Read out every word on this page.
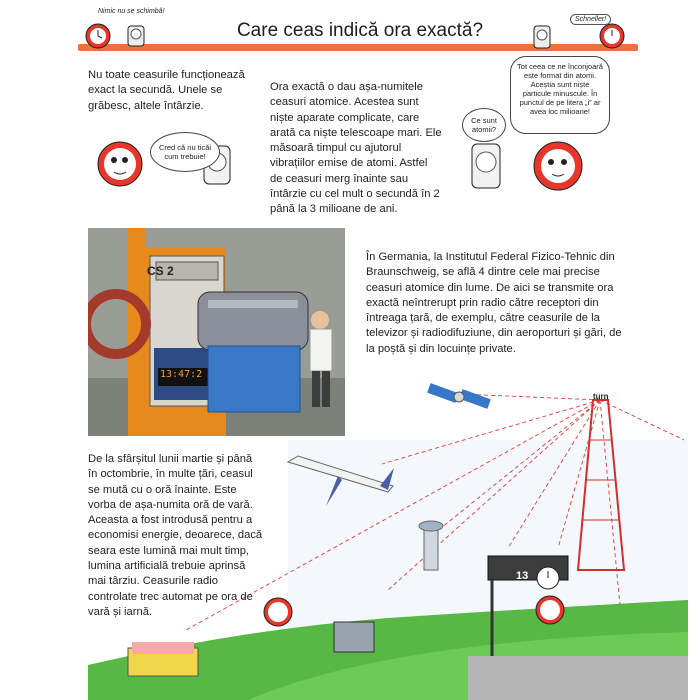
Care ceas indică ora exactă?
Nimic nu se schimbă!
Schneller!
Nu toate ceasurile funcționează exact la secundă. Unele se grăbesc, altele întârzie.
Cred că nu ticăi cum trebuie!
Ora exactă o dau așa-numitele ceasuri atomice. Acestea sunt niște aparate complicate, care arată ca niște telescoape mari. Ele măsoară timpul cu ajutorul vibrațiilor emise de atomi. Astfel de ceasuri merg înainte sau întârzie cu cel mult o secundă în 2 până la 3 milioane de ani.
Ce sunt atomii?
Tot ceea ce ne înconjoară este format din atomi. Aceștia sunt niște particule minuscule. În punctul de pe litera „i” ar avea loc milioane!
CS 2
13:47:2
În Germania, la Institutul Federal Fizico-Tehnic din Braunschweig, se află 4 dintre cele mai precise ceasuri atomice din lume. De aici se transmite ora exactă neîntrerupt prin radio către receptori din întreaga țară, de exemplu, către ceasurile de la televizor și radiodifuziune, din aeroporturi și gări, de la poștă și din locuințe private.
turn
13
De la sfârșitul lunii martie și până în octombrie, în multe țări, ceasul se mută cu o oră înainte. Este vorba de așa-numita oră de vară. Aceasta a fost introdusă pentru a economisi energie, deoarece, dacă seara este lumină mai mult timp, lumina artificială trebuie aprinsă mai târziu. Ceasurile radio controlate trec automat pe ora de vară și iarnă.
